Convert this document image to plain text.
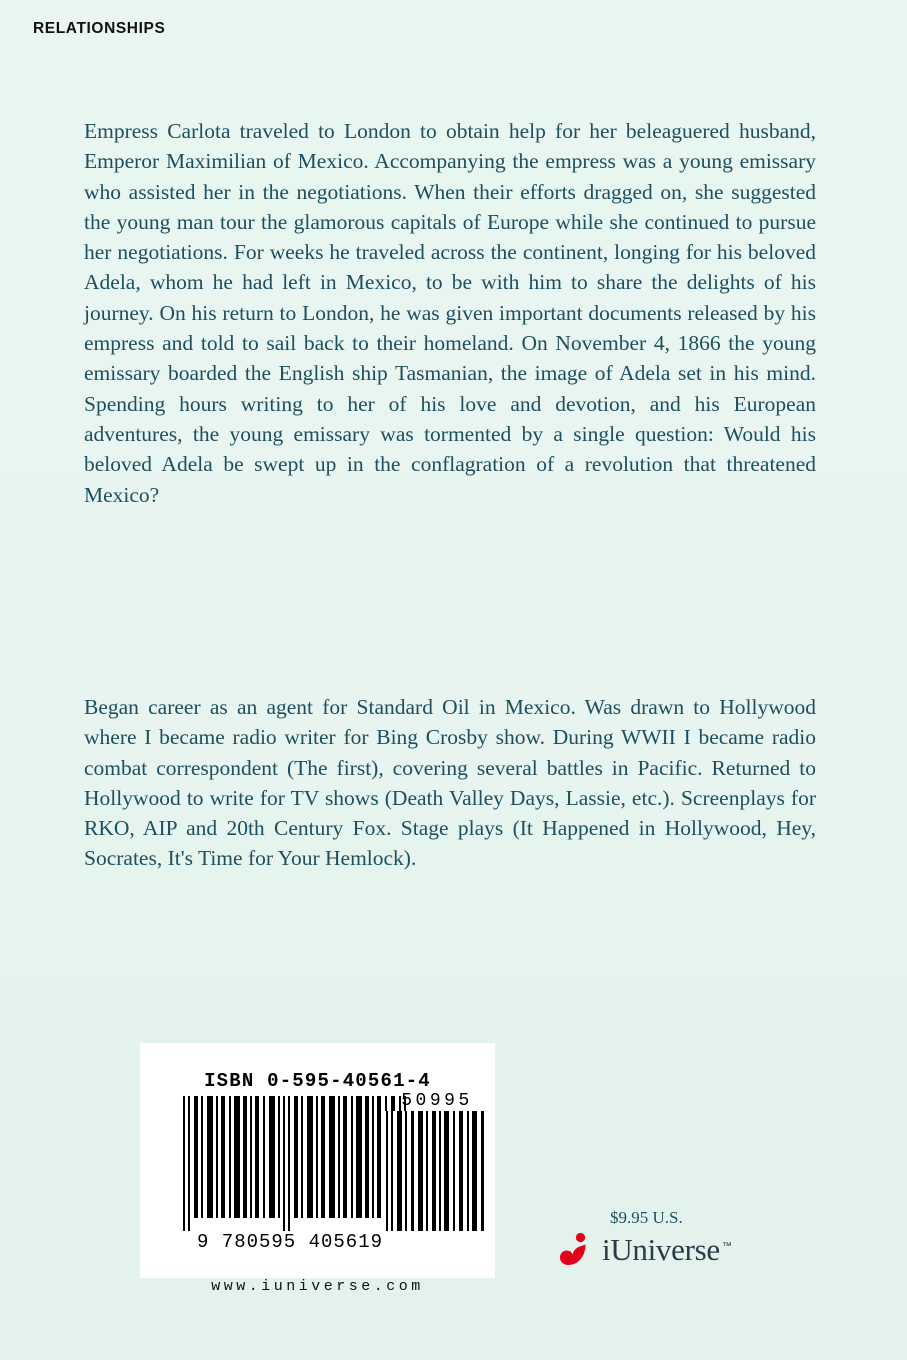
RELATIONSHIPS
Empress Carlota traveled to London to obtain help for her beleaguered husband, Emperor Maximilian of Mexico. Accompanying the empress was a young emissary who assisted her in the negotiations. When their efforts dragged on, she suggested the young man tour the glamorous capitals of Europe while she continued to pursue her negotiations. For weeks he traveled across the continent, longing for his beloved Adela, whom he had left in Mexico, to be with him to share the delights of his journey. On his return to London, he was given important documents released by his empress and told to sail back to their homeland. On November 4, 1866 the young emissary boarded the English ship Tasmanian, the image of Adela set in his mind. Spending hours writing to her of his love and devotion, and his European adventures, the young emissary was tormented by a single question: Would his beloved Adela be swept up in the conflagration of a revolution that threatened Mexico?
Began career as an agent for Standard Oil in Mexico. Was drawn to Hollywood where I became radio writer for Bing Crosby show. During WWII I became radio combat correspondent (The first), covering several battles in Pacific. Returned to Hollywood to write for TV shows (Death Valley Days, Lassie, etc.). Screenplays for RKO, AIP and 20th Century Fox. Stage plays (It Happened in Hollywood, Hey, Socrates, It's Time for Your Hemlock).
ISBN 0-595-40561-4
50995
9 780595 405619
www.iuniverse.com
$9.95 U.S.
iUniverse ™
